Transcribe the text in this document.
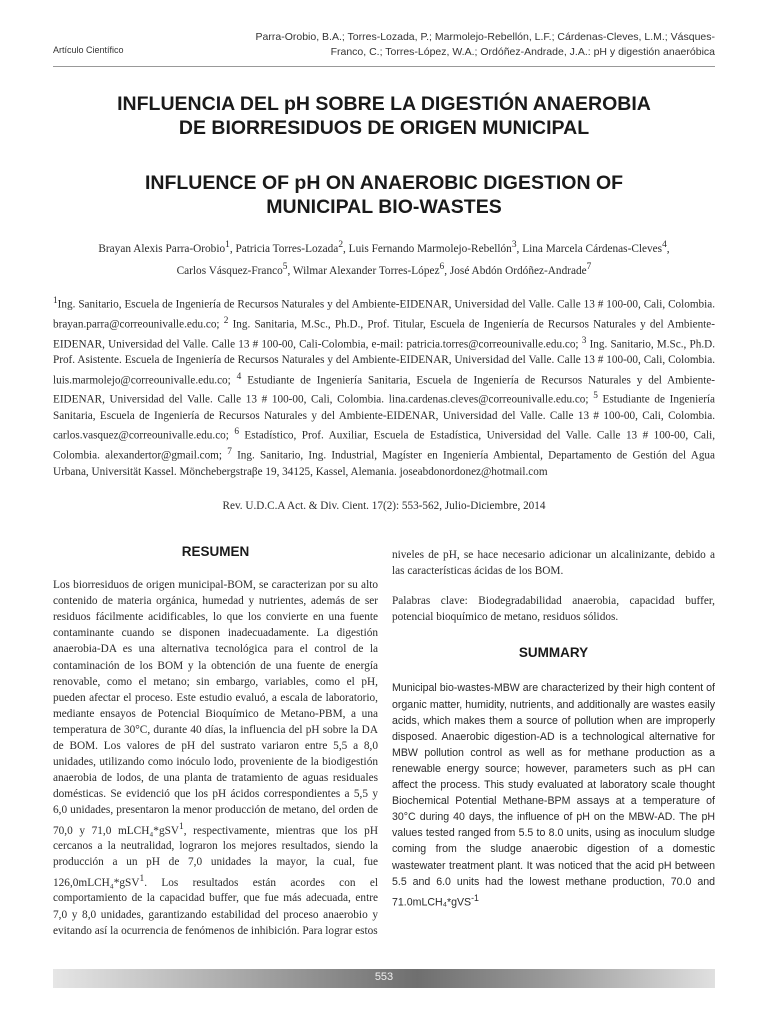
Parra-Orobio, B.A.; Torres-Lozada, P.; Marmolejo-Rebellón, L.F.; Cárdenas-Cleves, L.M.; Vásques-
Franco, C.; Torres-López, W.A.; Ordóñez-Andrade, J.A.: pH y digestión anaeróbica
Artículo Científico
INFLUENCIA DEL pH SOBRE LA DIGESTIÓN ANAEROBIA
DE BIORRESIDUOS DE ORIGEN MUNICIPAL
INFLUENCE OF pH ON ANAEROBIC DIGESTION OF
MUNICIPAL BIO-WASTES
Brayan Alexis Parra-Orobio$^1$, Patricia Torres-Lozada$^2$, Luis Fernando Marmolejo-Rebellón$^3$, Lina Marcela Cárdenas-Cleves$^4$,
Carlos Vásquez-Franco$^5$, Wilmar Alexander Torres-López$^6$, José Abdón Ordóñez-Andrade$^7$
$^1$Ing. Sanitario, Escuela de Ingeniería de Recursos Naturales y del Ambiente-EIDENAR, Universidad del Valle. Calle 13 # 100-00, Cali, Colombia. brayan.parra@correounivalle.edu.co; $^2$ Ing. Sanitaria, M.Sc., Ph.D., Prof. Titular, Escuela de Ingeniería de Recursos Naturales y del Ambiente-EIDENAR, Universidad del Valle. Calle 13 # 100-00, Cali-Colombia, e-mail: patricia.torres@correounivalle.edu.co; $^3$ Ing. Sanitario, M.Sc., Ph.D. Prof. Asistente. Escuela de Ingeniería de Recursos Naturales y del Ambiente-EIDENAR, Universidad del Valle. Calle 13 # 100-00, Cali, Colombia. luis.marmolejo@correounivalle.edu.co; $^4$ Estudiante de Ingeniería Sanitaria, Escuela de Ingeniería de Recursos Naturales y del Ambiente-EIDENAR, Universidad del Valle. Calle 13 # 100-00, Cali, Colombia. lina.cardenas.cleves@correounivalle.edu.co; $^5$ Estudiante de Ingeniería Sanitaria, Escuela de Ingeniería de Recursos Naturales y del Ambiente-EIDENAR, Universidad del Valle. Calle 13 # 100-00, Cali, Colombia. carlos.vasquez@correounivalle.edu.co; $^6$ Estadístico, Prof. Auxiliar, Escuela de Estadística, Universidad del Valle. Calle 13 # 100-00, Cali, Colombia. alexandertor@gmail.com; $^7$ Ing. Sanitario, Ing. Industrial, Magíster en Ingeniería Ambiental, Departamento de Gestión del Agua Urbana, Universität Kassel. Mönchebergstraβe 19, 34125, Kassel, Alemania. joseabdonordonez@hotmail.com
Rev. U.D.C.A Act. & Div. Cient. 17(2): 553-562, Julio-Diciembre, 2014
RESUMEN

Los biorresiduos de origen municipal-BOM, se caracterizan por su alto contenido de materia orgánica, humedad y nutrientes, además de ser residuos fácilmente acidificables, lo que los convierte en una fuente contaminante cuando se disponen inadecuadamente. La digestión anaerobia-DA es una alternativa tecnológica para el control de la contaminación de los BOM y la obtención de una fuente de energía renovable, como el metano; sin embargo, variables, como el pH, pueden afectar el proceso. Este estudio evaluó, a escala de laboratorio, mediante ensayos de Potencial Bioquímico de Metano-PBM, a una temperatura de 30°C, durante 40 días, la influencia del pH sobre la DA de BOM. Los valores de pH del sustrato variaron entre 5,5 a 8,0 unidades, utilizando como inóculo lodo, proveniente de la biodigestión anaerobia de lodos, de una planta de tratamiento de aguas residuales domésticas. Se evidenció que los pH ácidos correspondientes a 5,5 y 6,0 unidades, presentaron la menor producción de metano, del orden de 70,0 y 71,0 mLCH₄*gSV$^1$, respectivamente, mientras que los pH cercanos a la neutralidad, lograron los mejores resultados, siendo la producción a un pH de 7,0 unidades la mayor, la cual, fue 126,0mLCH₄*gSV$^1$. Los resultados están acordes con el comportamiento de la capacidad buffer, que fue más adecuada, entre 7,0 y 8,0 unidades, garantizando estabilidad del proceso anaerobio y evitando así la ocurrencia de fenómenos de inhibición. Para lograr estos

niveles de pH, se hace necesario adicionar un alcalinizante, debido a las características ácidas de los BOM.

Palabras clave: Biodegradabilidad anaerobia, capacidad buffer, potencial bioquímico de metano, residuos sólidos.

SUMMARY

Municipal bio-wastes-MBW are characterized by their high content of organic matter, humidity, nutrients, and additionally are wastes easily acids, which makes them a source of pollution when are improperly disposed. Anaerobic digestion-AD is a technological alternative for MBW pollution control as well as for methane production as a renewable energy source; however, parameters such as pH can affect the process. This study evaluated at laboratory scale thought Biochemical Potential Methane-BPM assays at a temperature of 30°C during 40 days, the influence of pH on the MBW-AD. The pH values tested ranged from 5.5 to 8.0 units, using as inoculum sludge coming from the sludge anaerobic digestion of a domestic wastewater treatment plant. It was noticed that the acid pH between 5.5 and 6.0 units had the lowest methane production, 70.0 and 71.0mLCH₄*gVS$^{-1}$

553
